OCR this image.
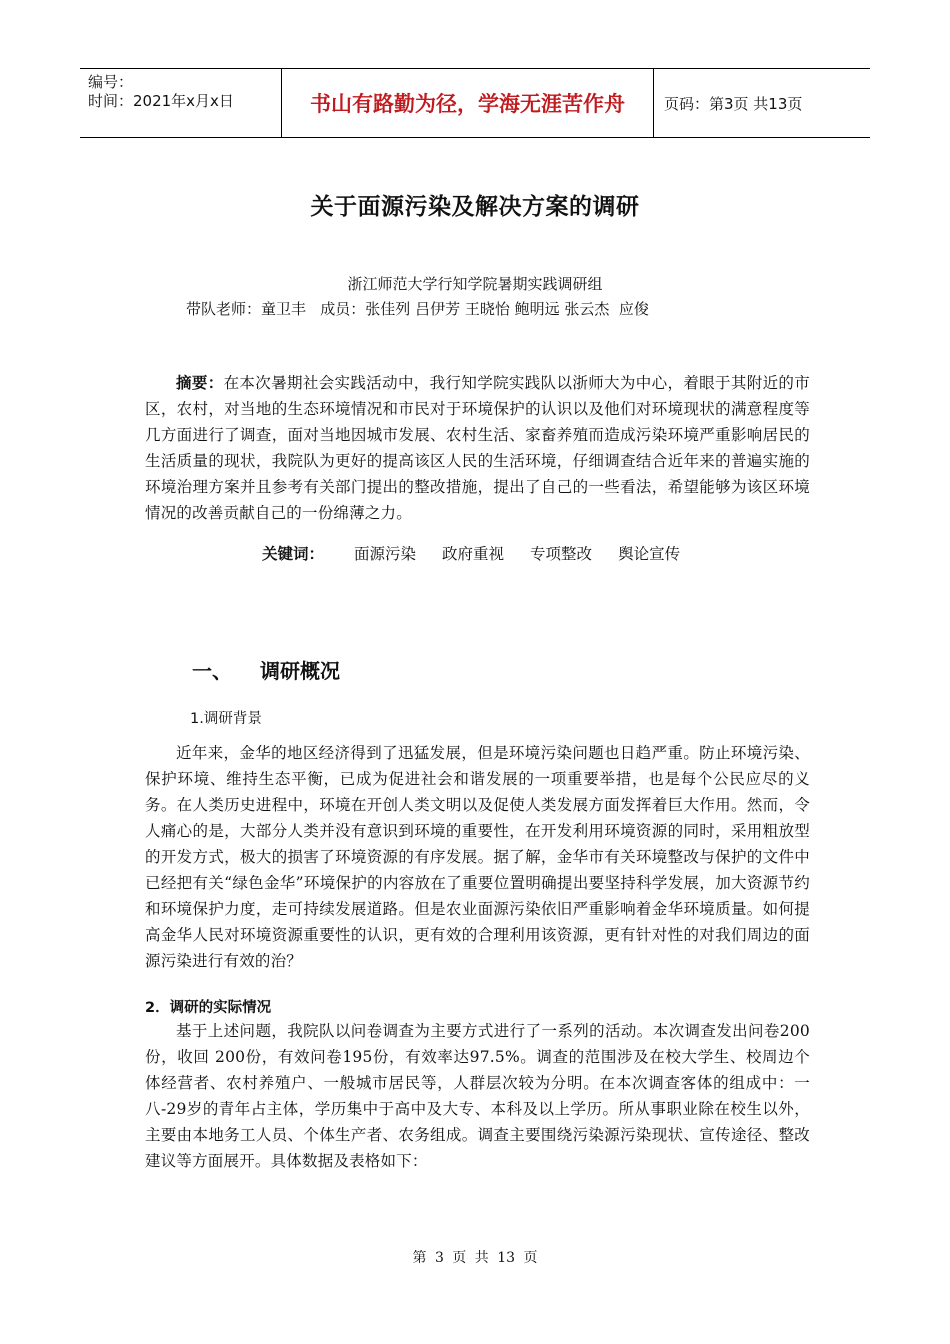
编号：
时间：2021年x月x日	书山有路勤为径，学海无涯苦作舟	页码：第3页 共13页
关于面源污染及解决方案的调研
浙江师范大学行知学院暑期实践调研组
带队老师：童卫丰   成员：张佳列 吕伊芳 王晓怡 鲍明远 张云杰  应俊
摘要：在本次暑期社会实践活动中，我行知学院实践队以浙师大为中心，着眼于其附近的市区，农村，对当地的生态环境情况和市民对于环境保护的认识以及他们对环境现状的满意程度等几方面进行了调查，面对当地因城市发展、农村生活、家畜养殖而造成污染环境严重影响居民的生活质量的现状，我院队为更好的提高该区人民的生活环境，仔细调查结合近年来的普遍实施的环境治理方案并且参考有关部门提出的整改措施，提出了自己的一些看法，希望能够为该区环境情况的改善贡献自己的一份绵薄之力。
关键词： 面源污染 政府重视 专项整改 舆论宣传
一、 调研概况
1.调研背景
近年来，金华的地区经济得到了迅猛发展，但是环境污染问题也日趋严重。防止环境污染、保护环境、维持生态平衡，已成为促进社会和谐发展的一项重要举措，也是每个公民应尽的义务。在人类历史进程中，环境在开创人类文明以及促使人类发展方面发挥着巨大作用。然而，令人痛心的是，大部分人类并没有意识到环境的重要性，在开发利用环境资源的同时，采用粗放型的开发方式，极大的损害了环境资源的有序发展。据了解，金华市有关环境整改与保护的文件中已经把有关“绿色金华”环境保护的内容放在了重要位置明确提出要坚持科学发展，加大资源节约和环境保护力度，走可持续发展道路。但是农业面源污染依旧严重影响着金华环境质量。如何提高金华人民对环境资源重要性的认识，更有效的合理利用该资源，更有针对性的对我们周边的面源污染进行有效的治？
2．调研的实际情况
基于上述问题，我院队以问卷调查为主要方式进行了一系列的活动。本次调查发出问卷200份，收回 200份，有效问卷195份，有效率达97.5%。调查的范围涉及在校大学生、校周边个体经营者、农村养殖户、一般城市居民等，人群层次较为分明。在本次调查客体的组成中：一八-29岁的青年占主体，学历集中于高中及大专、本科及以上学历。所从事职业除在校生以外，主要由本地务工人员、个体生产者、农务组成。调查主要围绕污染源污染现状、宣传途径、整改建议等方面展开。具体数据及表格如下：
第 3 页 共 13 页
